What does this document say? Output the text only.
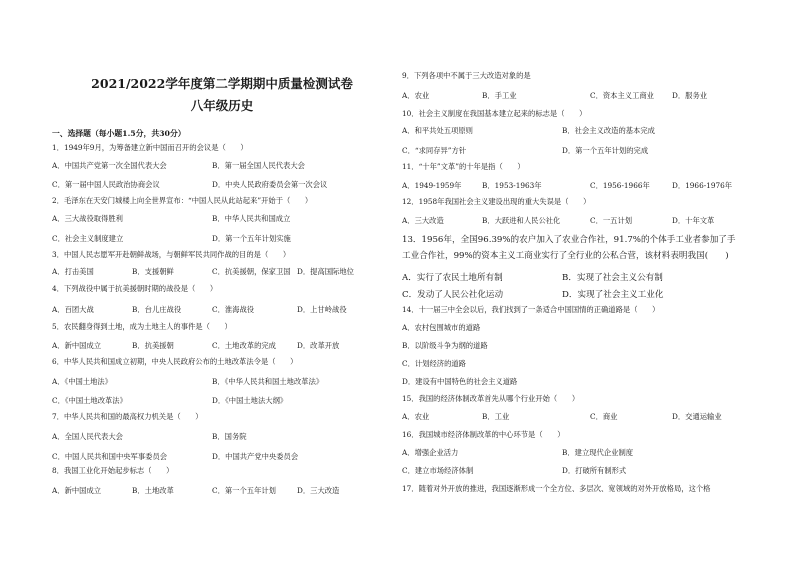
2021/2022学年度第二学期期中质量检测试卷
八年级历史
一、选择题（每小题1.5分，共30分）
1．1949年9月，为筹备建立新中国而召开的会议是（　　）
A．中国共产党第一次全国代表大会	B．第一届全国人民代表大会
C．第一届中国人民政治协商会议	D．中央人民政府委员会第一次会议
2．毛泽东在天安门城楼上向全世界宣布：“中国人民从此站起来”开始于（　　）
A．三大战役取得胜利	B．中华人民共和国成立
C．社会主义制度建立	D．第一个五年计划实施
3．中国人民志愿军开赴朝鲜战场，与朝鲜军民共同作战的目的是（　　）
A．打击美国	B．支援朝鲜	C．抗美援朝，保家卫国 D．提高国际地位
4．下列战役中属于抗美援朝时期的战役是（　　）
A．百团大战	B．台儿庄战役	C．淮海战役	D．上甘岭战役
5．农民翻身得到土地，成为土地主人的事件是（　　）
A．新中国成立	B．抗美援朝	C．土地改革的完成	D．改革开放
6．中华人民共和国成立初期，中央人民政府公布的土地改革法令是（　　）
A．《中国土地法》	B．《中华人民共和国土地改革法》
C．《中国土地改革法》	D．《中国土地法大纲》
7．中华人民共和国的最高权力机关是（　　）
A．全国人民代表大会	B．国务院
C．中国人民共和国中央军事委员会	D．中国共产党中央委员会
8．我国工业化开始起步标志（　　）
A．新中国成立	B．土地改革	C．第一个五年计划	D．三大改造
9．下列各项中不属于三大改造对象的是
A．农业	B．手工业	C．资本主义工商业 D．服务业
10．社会主义制度在我国基本建立起来的标志是（　　）
A．和平共处五项原则	B．社会主义改造的基本完成
C．“求同存异”方针	D．第一个五年计划的完成
11．“十年”文革”的十年是指（　　）
A．1949-1959年	B．1953-1963年	C．1956-1966年	D．1966-1976年
12．1958年我国社会主义建设出现的重大失误是（　　）
A．三大改造	B．大跃进和人民公社化	C．一五计划	D．十年文革
13．1956年，全国96.39%的农户加入了农业合作社，91.7%的个体手工业者参加了手
工业合作社，99%的资本主义工商业实行了全行业的公私合营，该材料表明我国(　　)
A．实行了农民土地所有制	B．实现了社会主义公有制
C．发动了人民公社化运动	D．实现了社会主义工业化
14．十一届三中全会以后，我们找到了一条适合中国国情的正确道路是（　　）
A．农村包围城市的道路
B．以阶级斗争为纲的道路
C．计划经济的道路
D．建设有中国特色的社会主义道路
15．我国的经济体制改革首先从哪个行业开始（　　）
A．农业	B．工业	C．商业	D．交通运输业
16．我国城市经济体制改革的中心环节是（　　）
A．增强企业活力	B．建立现代企业制度
C．建立市场经济体制	D．打破所有制形式
17．随着对外开放的推进，我国逐渐形成一个全方位、多层次、宽领域的对外开放格局，这个格
